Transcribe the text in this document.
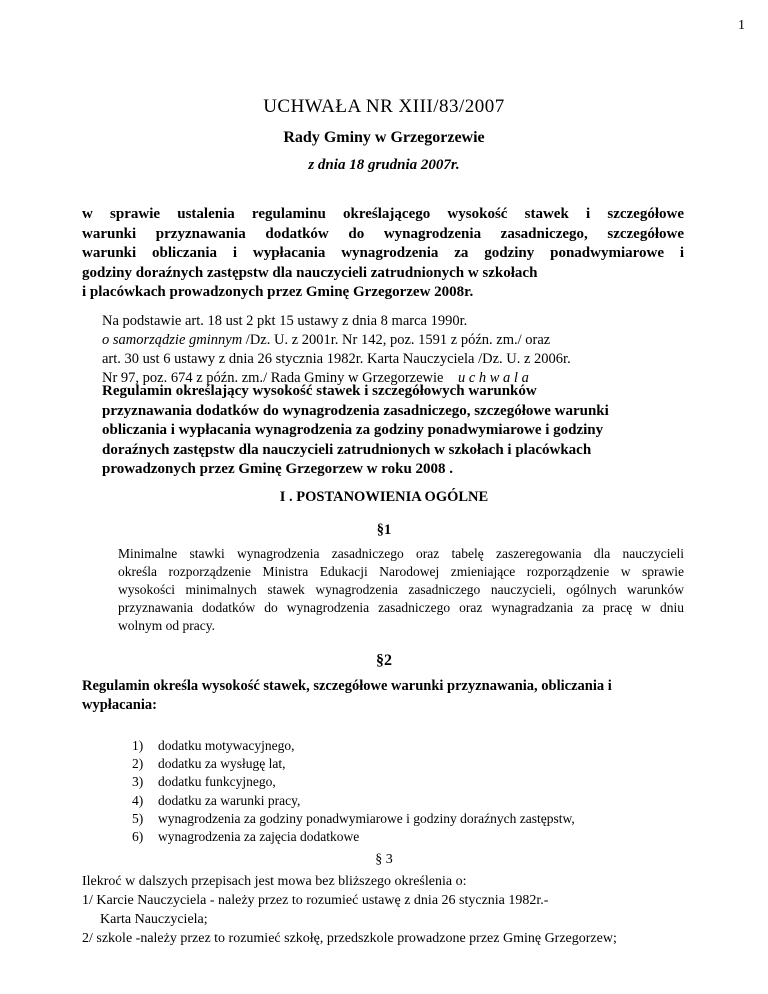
1
UCHWAŁA NR XIII/83/2007
Rady Gminy w Grzegorzewie
z dnia 18 grudnia 2007r.
w sprawie ustalenia regulaminu określającego wysokość stawek i szczegółowe
warunki przyznawania dodatków do wynagrodzenia zasadniczego, szczegółowe
warunki obliczania i wypłacania wynagrodzenia za godziny ponadwymiarowe i
godziny doraźnych zastępstw dla nauczycieli zatrudnionych w szkołach
i placówkach prowadzonych przez Gminę Grzegorzew 2008r.
Na podstawie art. 18 ust 2 pkt 15 ustawy z dnia 8 marca 1990r.
o samorządzie gminnym /Dz. U. z 2001r. Nr 142, poz. 1591 z późn. zm./ oraz
art. 30 ust 6 ustawy z dnia 26 stycznia 1982r. Karta Nauczyciela /Dz. U. z 2006r.
Nr 97, poz. 674 z późn. zm./ Rada Gminy w Grzegorzewie u c h w a l a
Regulamin określający wysokość stawek i szczegółowych warunków
przyznawania dodatków do wynagrodzenia zasadniczego, szczegółowe warunki
obliczania i wypłacania wynagrodzenia za godziny ponadwymiarowe i godziny
doraźnych zastępstw dla nauczycieli zatrudnionych w szkołach i placówkach
prowadzonych przez Gminę Grzegorzew w roku 2008 .
I . POSTANOWIENIA OGÓLNE
§1
Minimalne stawki wynagrodzenia zasadniczego oraz tabelę zaszeregowania dla nauczycieli
określa rozporządzenie Ministra Edukacji Narodowej zmieniające rozporządzenie w sprawie
wysokości minimalnych stawek wynagrodzenia zasadniczego nauczycieli, ogólnych warunków
przyznawania dodatków do wynagrodzenia zasadniczego oraz wynagradzania za pracę w dniu
wolnym od pracy.
§2
Regulamin określa wysokość stawek, szczegółowe warunki przyznawania, obliczania i
wypłacania:
1)	dodatku motywacyjnego,
2)	dodatku za wysługę lat,
3)	dodatku funkcyjnego,
4)	dodatku za warunki pracy,
5)	wynagrodzenia za godziny ponadwymiarowe i godziny doraźnych zastępstw,
6)	wynagrodzenia za zajęcia dodatkowe
§ 3
Ilekroć w dalszych przepisach jest mowa bez bliższego określenia o:
1/ Karcie Nauczyciela - należy przez to rozumieć ustawę z dnia 26 stycznia 1982r.-
Karta Nauczyciela;
2/ szkole -należy przez to rozumieć szkołę, przedszkole prowadzone przez Gminę Grzegorzew;
